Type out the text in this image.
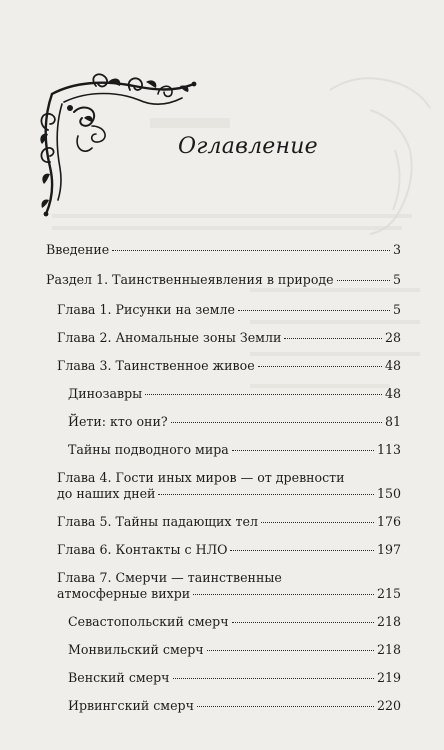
Оглавление
Введение	3
Раздел 1. Таинственныеявления в природе	5
Глава 1. Рисунки на земле	5
Глава 2. Аномальные зоны Земли	28
Глава 3. Таинственное живое	48
Динозавры	48
Йети: кто они?	81
Тайны подводного мира	113
Глава 4. Гости иных миров — от древности
до наших дней	150
Глава 5. Тайны падающих тел	176
Глава 6. Контакты с НЛО	197
Глава 7. Смерчи — таинственные
атмосферные вихри	215
Севастопольский смерч	218
Монвильский смерч	218
Венский смерч	219
Ирвингский смерч	220
